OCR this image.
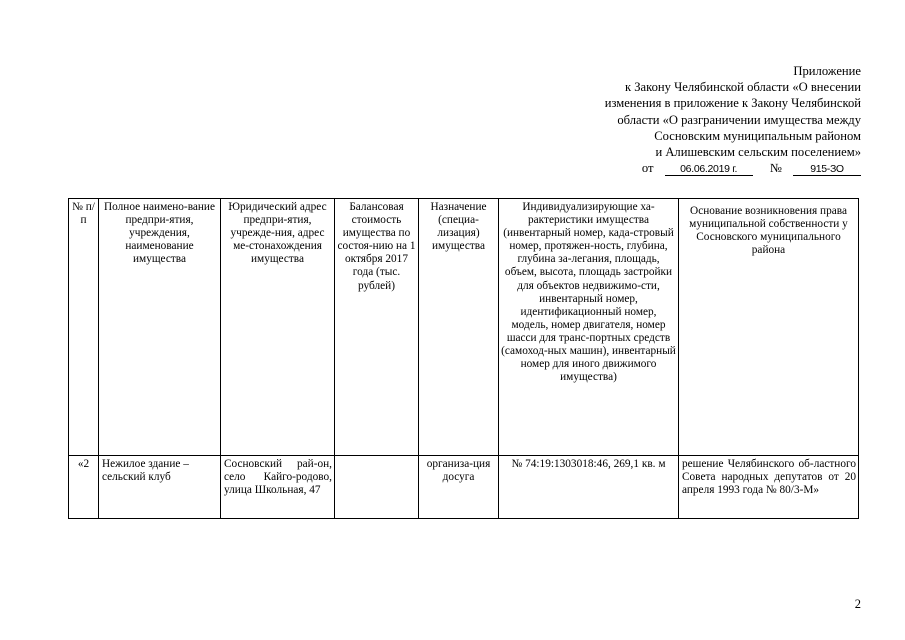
Приложение
к Закону Челябинской области «О внесении
изменения в приложение к Закону Челябинской
области «О разграничении имущества между
Сосновским муниципальным районом
и Алишевским сельским поселением»
от	06.06.2019 г.	№	915-ЗО
№ п/п	Полное наимено-вание предпри-ятия, учреждения, наименование имущества	Юридический адрес предпри-ятия, учрежде-ния, адрес ме-стонахождения имущества	Балансовая стоимость имущества по состоя-нию на 1 октября 2017 года (тыс. рублей)	Назначение (специа-лизация) имущества	Индивидуализирующие ха-рактеристики имущества (инвентарный номер, када-стровый номер, протяжен-ность, глубина, глубина за-легания, площадь, объем, высота, площадь застройки для объектов недвижимо-сти, инвентарный номер, идентификационный номер, модель, номер двигателя, номер шасси для транс-портных средств (самоход-ных машин), инвентарный номер для иного движимого имущества)	Основание возникновения права муниципальной собственности у Сосновского муниципального района
«2	Нежилое здание – сельский клуб	Сосновский рай-он, село Кайго-родово, улица Школьная, 47		организа-ция досуга	№ 74:19:1303018:46, 269,1 кв. м	решение Челябинского об-ластного Совета народных депутатов от 20 апреля 1993 года № 80/3-М»
2
